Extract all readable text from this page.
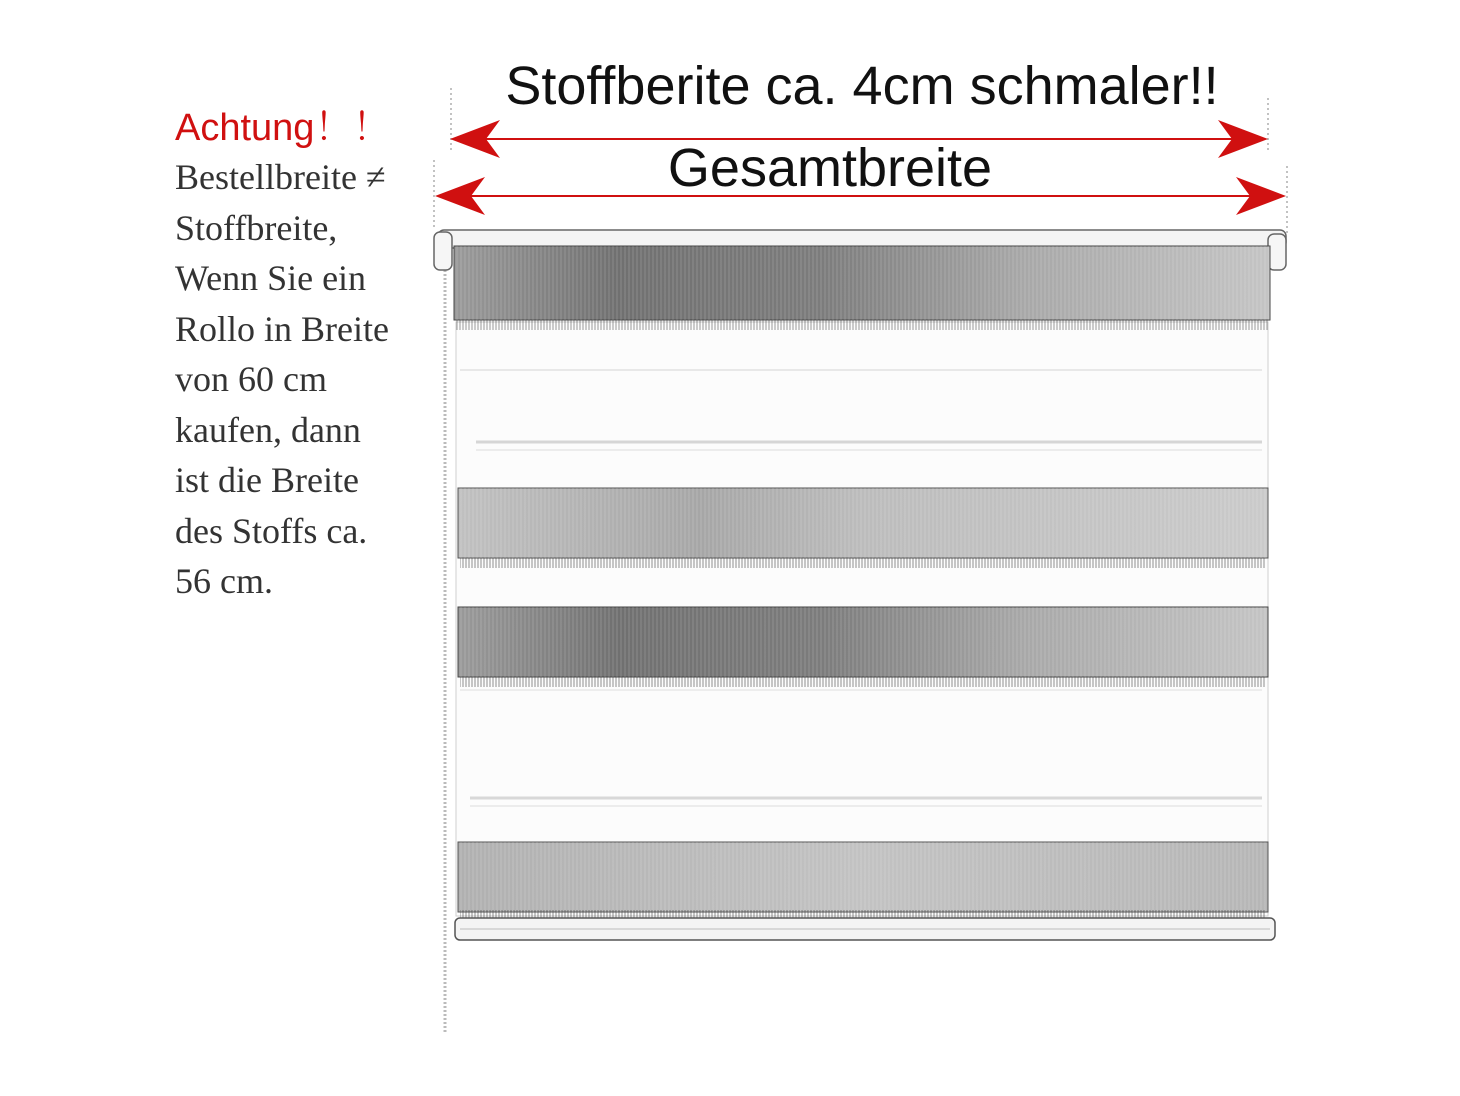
Stoffberite ca. 4cm schmaler!!
Gesamtbreite
Achtung！！
Bestellbreite ≠
Stoffbreite,
Wenn Sie ein
Rollo in Breite
von 60 cm
kaufen, dann
ist die Breite
des Stoffs ca.
56 cm.
